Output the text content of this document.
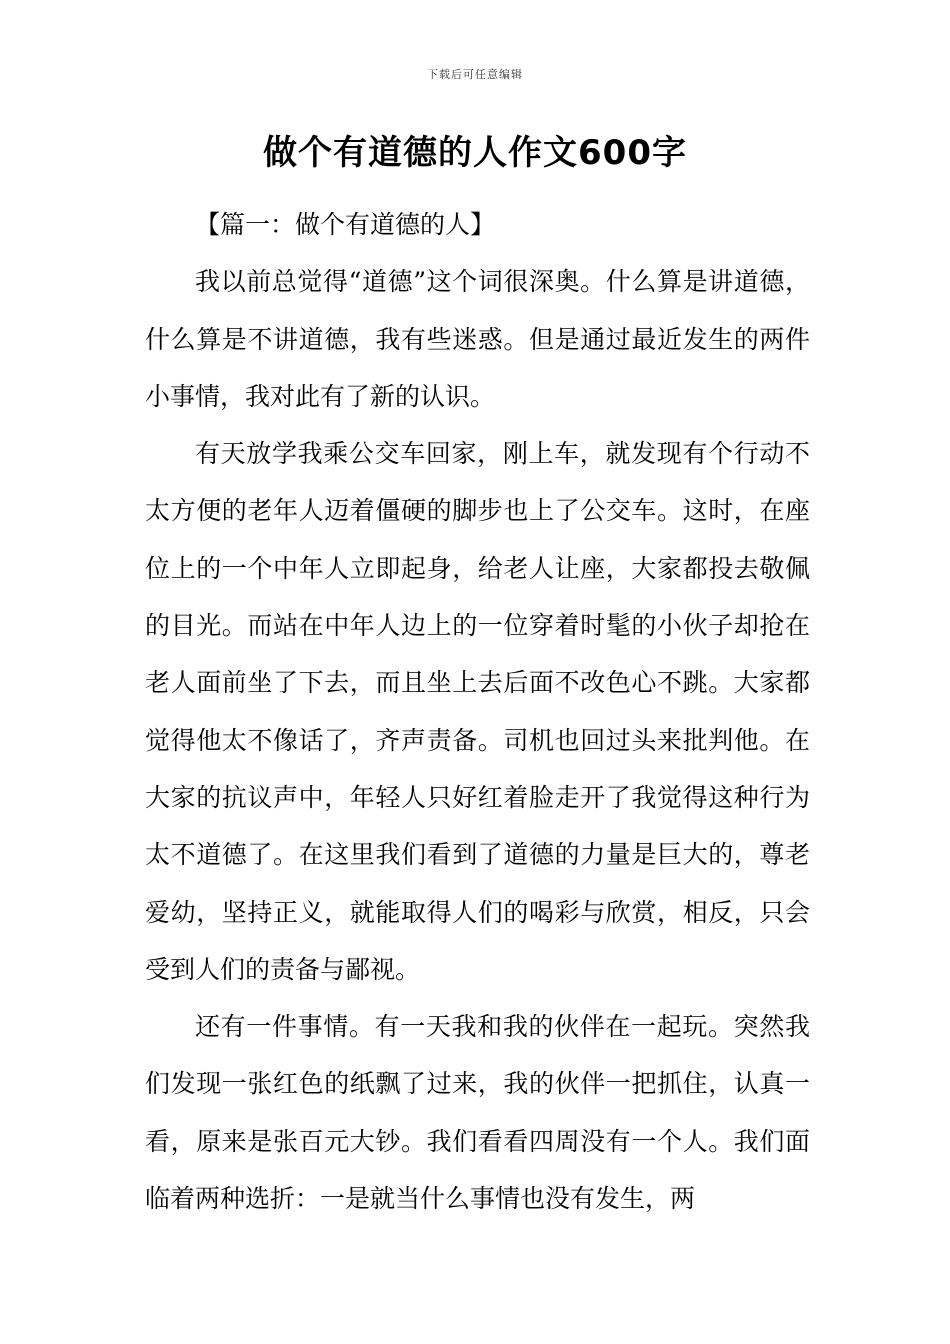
下载后可任意编辑
做个有道德的人作文600字

【篇一：做个有道德的人】

我以前总觉得“道德”这个词很深奥。什么算是讲道德，什么算是不讲道德，我有些迷惑。但是通过最近发生的两件小事情，我对此有了新的认识。

有天放学我乘公交车回家，刚上车，就发现有个行动不太方便的老年人迈着僵硬的脚步也上了公交车。这时，在座位上的一个中年人立即起身，给老人让座，大家都投去敬佩的目光。而站在中年人边上的一位穿着时髦的小伙子却抢在老人面前坐了下去，而且坐上去后面不改色心不跳。大家都觉得他太不像话了，齐声责备。司机也回过头来批判他。在大家的抗议声中，年轻人只好红着脸走开了我觉得这种行为太不道德了。在这里我们看到了道德的力量是巨大的，尊老爱幼，坚持正义，就能取得人们的喝彩与欣赏，相反，只会受到人们的责备与鄙视。

还有一件事情。有一天我和我的伙伴在一起玩。突然我们发现一张红色的纸飘了过来，我的伙伴一把抓住，认真一看，原来是张百元大钞。我们看看四周没有一个人。我们面临着两种选折：一是就当什么事情也没有发生，两
